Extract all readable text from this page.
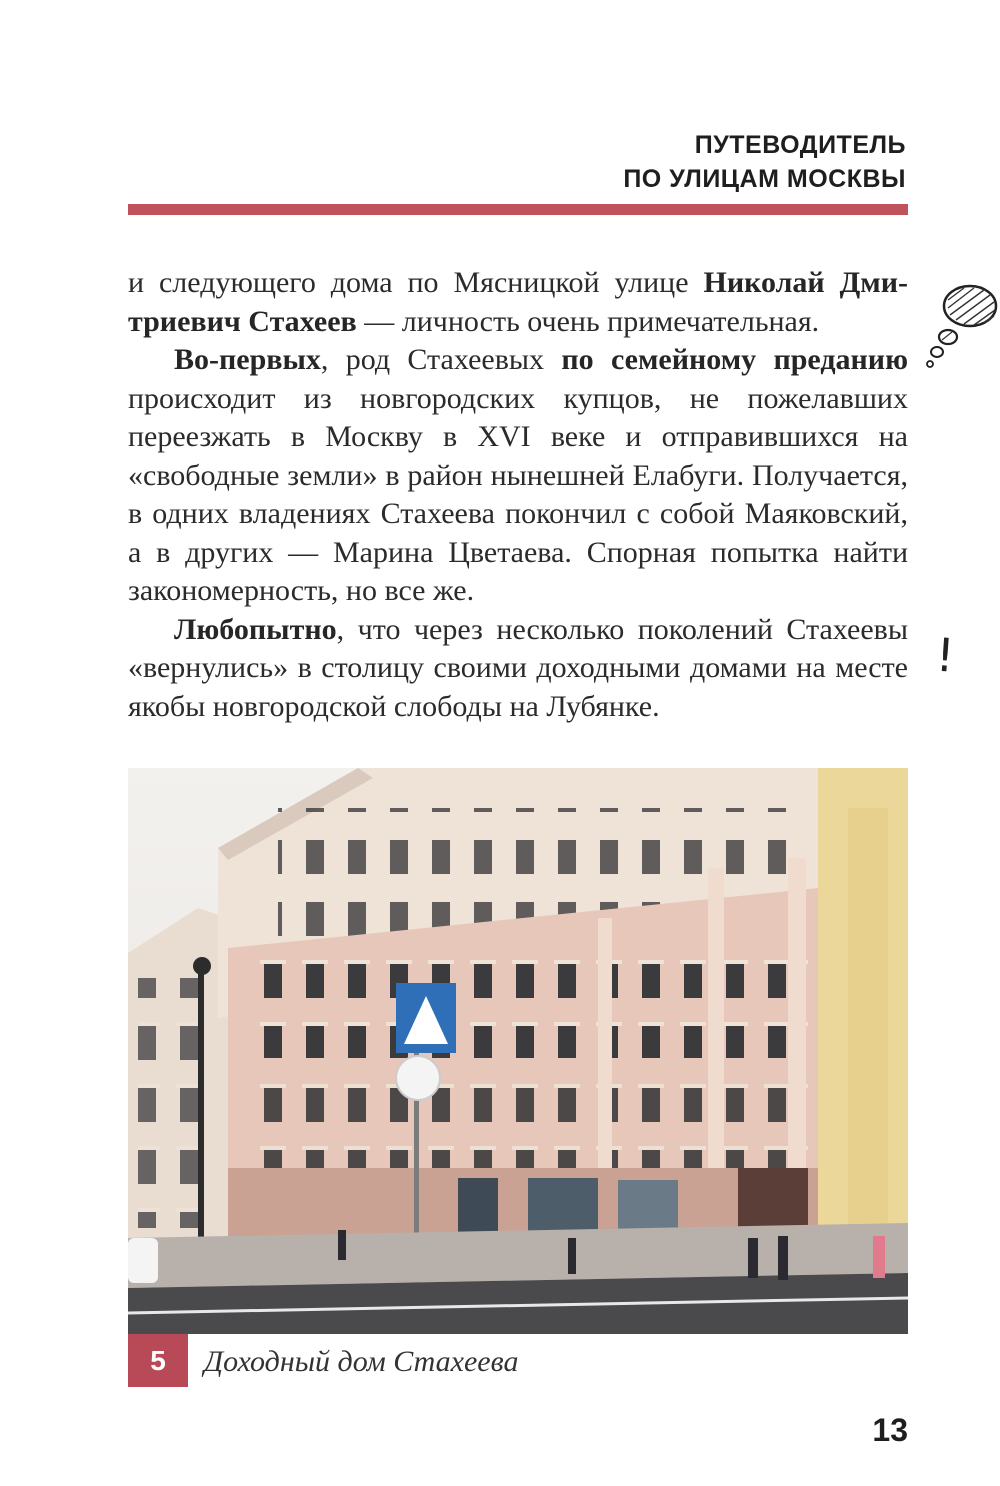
ПУТЕВОДИТЕЛЬ
ПО УЛИЦАМ МОСКВЫ

и следующего дома по Мясницкой улице Николай Дмитриевич Стахеев — личность очень примечательная.

Во-первых, род Стахеевых по семейному преданию происходит из новгородских купцов, не пожелавших переезжать в Москву в XVI веке и отправившихся на «свободные земли» в район нынешней Елабуги. Получается, в одних владениях Стахеева покончил с собой Маяковский, а в других — Марина Цветаева. Спорная попытка найти закономерность, но все же.

Любопытно, что через несколько поколений Стахеевы «вернулись» в столицу своими доходными домами на месте якобы новгородской слободы на Лубянке.

!
5	Доходный дом Стахеева
13
